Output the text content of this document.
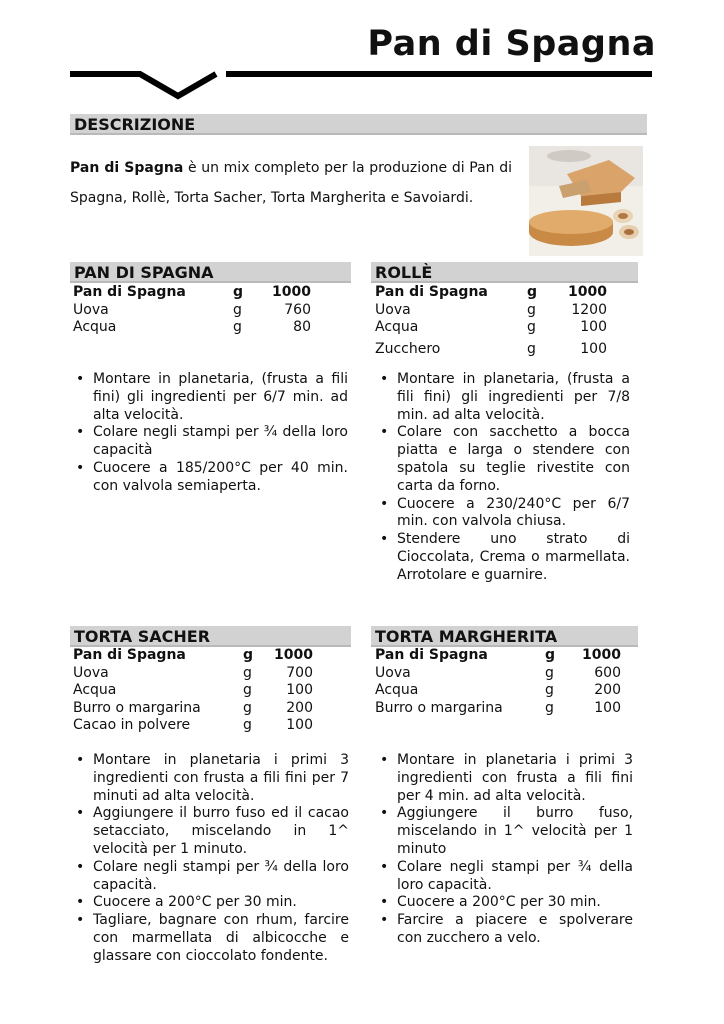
Pan di Spagna
DESCRIZIONE

Pan di Spagna è un mix completo per la produzione di Pan di Spagna, Rollè, Torta Sacher, Torta Margherita e Savoiardi.

PAN DI SPAGNA
Pan di Spagna	g	1000
Uova	g	760
Acqua	g	80
• Montare in planetaria, (frusta a fili fini) gli ingredienti per 6/7 min. ad alta velocità.
• Colare negli stampi per ¾ della loro capacità
• Cuocere a 185/200°C per 40 min. con valvola semiaperta.
ROLLÈ
Pan di Spagna	g	1000
Uova	g	1200
Acqua	g	100
Zucchero	g	100
• Montare in planetaria, (frusta a fili fini) gli ingredienti per 7/8 min. ad alta velocità.
• Colare con sacchetto a bocca piatta e larga o stendere con spatola su teglie rivestite con carta da forno.
• Cuocere a 230/240°C per 6/7 min. con valvola chiusa.
• Stendere uno strato di Cioccolata, Crema o marmellata. Arrotolare e guarnire.
TORTA SACHER
Pan di Spagna	g	1000
Uova	g	700
Acqua	g	100
Burro o margarina	g	200
Cacao in polvere	g	100
• Montare in planetaria i primi 3 ingredienti con frusta a fili fini per 7 minuti ad alta velocità.
• Aggiungere il burro fuso ed il cacao setacciato, miscelando in 1^ velocità per 1 minuto.
• Colare negli stampi per ¾ della loro capacità.
• Cuocere a 200°C per 30 min.
• Tagliare, bagnare con rhum, farcire con marmellata di albicocche e glassare con cioccolato fondente.
TORTA MARGHERITA
Pan di Spagna	g	1000
Uova	g	600
Acqua	g	200
Burro o margarina	g	100
• Montare in planetaria i primi 3 ingredienti con frusta a fili fini per 4 min. ad alta velocità.
• Aggiungere il burro fuso, miscelando in 1^ velocità per 1 minuto
• Colare negli stampi per ¾ della loro capacità.
• Cuocere a 200°C per 30 min.
• Farcire a piacere e spolverare con zucchero a velo.
